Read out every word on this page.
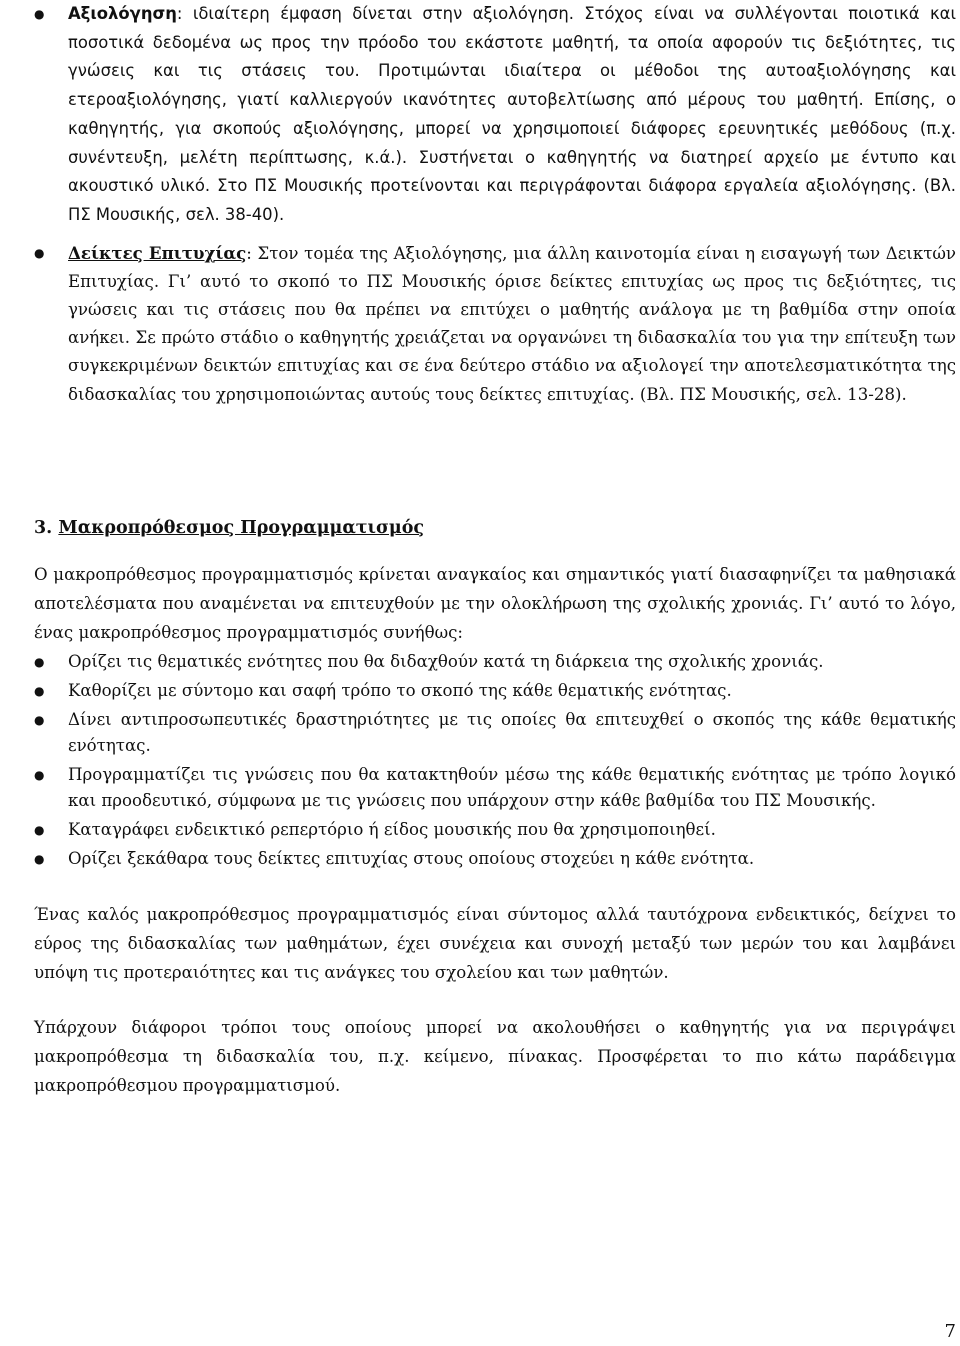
● Αξιολόγηση: ιδιαίτερη έμφαση δίνεται στην αξιολόγηση. Στόχος είναι να συλλέγονται ποιοτικά και ποσοτικά δεδομένα ως προς την πρόοδο του εκάστοτε μαθητή, τα οποία αφορούν τις δεξιότητες, τις γνώσεις και τις στάσεις του. Προτιμώνται ιδιαίτερα οι μέθοδοι της αυτοαξιολόγησης και ετεροαξιολόγησης, γιατί καλλιεργούν ικανότητες αυτοβελτίωσης από μέρους του μαθητή. Επίσης, ο καθηγητής, για σκοπούς αξιολόγησης, μπορεί να χρησιμοποιεί διάφορες ερευνητικές μεθόδους (π.χ. συνέντευξη, μελέτη περίπτωσης, κ.ά.). Συστήνεται ο καθηγητής να διατηρεί αρχείο με έντυπο και ακουστικό υλικό. Στο ΠΣ Μουσικής προτείνονται και περιγράφονται διάφορα εργαλεία αξιολόγησης. (Βλ. ΠΣ Μουσικής, σελ. 38-40).

● Δείκτες Επιτυχίας: Στον τομέα της Αξιολόγησης, μια άλλη καινοτομία είναι η εισαγωγή των Δεικτών Επιτυχίας. Γι’ αυτό το σκοπό το ΠΣ Μουσικής όρισε δείκτες επιτυχίας ως προς τις δεξιότητες, τις γνώσεις και τις στάσεις που θα πρέπει να επιτύχει ο μαθητής ανάλογα με τη βαθμίδα στην οποία ανήκει. Σε πρώτο στάδιο ο καθηγητής χρειάζεται να οργανώνει τη διδασκαλία του για την επίτευξη των συγκεκριμένων δεικτών επιτυχίας και σε ένα δεύτερο στάδιο να αξιολογεί την αποτελεσματικότητα της διδασκαλίας του χρησιμοποιώντας αυτούς τους δείκτες επιτυχίας. (Βλ. ΠΣ Μουσικής, σελ. 13-28).

3. Μακροπρόθεσμος Προγραμματισμός

Ο μακροπρόθεσμος προγραμματισμός κρίνεται αναγκαίος και σημαντικός γιατί διασαφηνίζει τα μαθησιακά αποτελέσματα που αναμένεται να επιτευχθούν με την ολοκλήρωση της σχολικής χρονιάς. Γι’ αυτό το λόγο, ένας μακροπρόθεσμος προγραμματισμός συνήθως:

● Ορίζει τις θεματικές ενότητες που θα διδαχθούν κατά τη διάρκεια της σχολικής χρονιάς.

● Καθορίζει με σύντομο και σαφή τρόπο το σκοπό της κάθε θεματικής ενότητας.

● Δίνει αντιπροσωπευτικές δραστηριότητες με τις οποίες θα επιτευχθεί ο σκοπός της κάθε θεματικής ενότητας.

● Προγραμματίζει τις γνώσεις που θα κατακτηθούν μέσω της κάθε θεματικής ενότητας με τρόπο λογικό και προοδευτικό, σύμφωνα με τις γνώσεις που υπάρχουν στην κάθε βαθμίδα του ΠΣ Μουσικής.

● Καταγράφει ενδεικτικό ρεπερτόριο ή είδος μουσικής που θα χρησιμοποιηθεί.

● Ορίζει ξεκάθαρα τους δείκτες επιτυχίας στους οποίους στοχεύει η κάθε ενότητα.

Ένας καλός μακροπρόθεσμος προγραμματισμός είναι σύντομος αλλά ταυτόχρονα ενδεικτικός, δείχνει το εύρος της διδασκαλίας των μαθημάτων, έχει συνέχεια και συνοχή μεταξύ των μερών του και λαμβάνει υπόψη τις προτεραιότητες και τις ανάγκες του σχολείου και των μαθητών.

Υπάρχουν διάφοροι τρόποι τους οποίους μπορεί να ακολουθήσει ο καθηγητής για να περιγράψει μακροπρόθεσμα τη διδασκαλία του, π.χ. κείμενο, πίνακας. Προσφέρεται το πιο κάτω παράδειγμα μακροπρόθεσμου προγραμματισμού.

7
